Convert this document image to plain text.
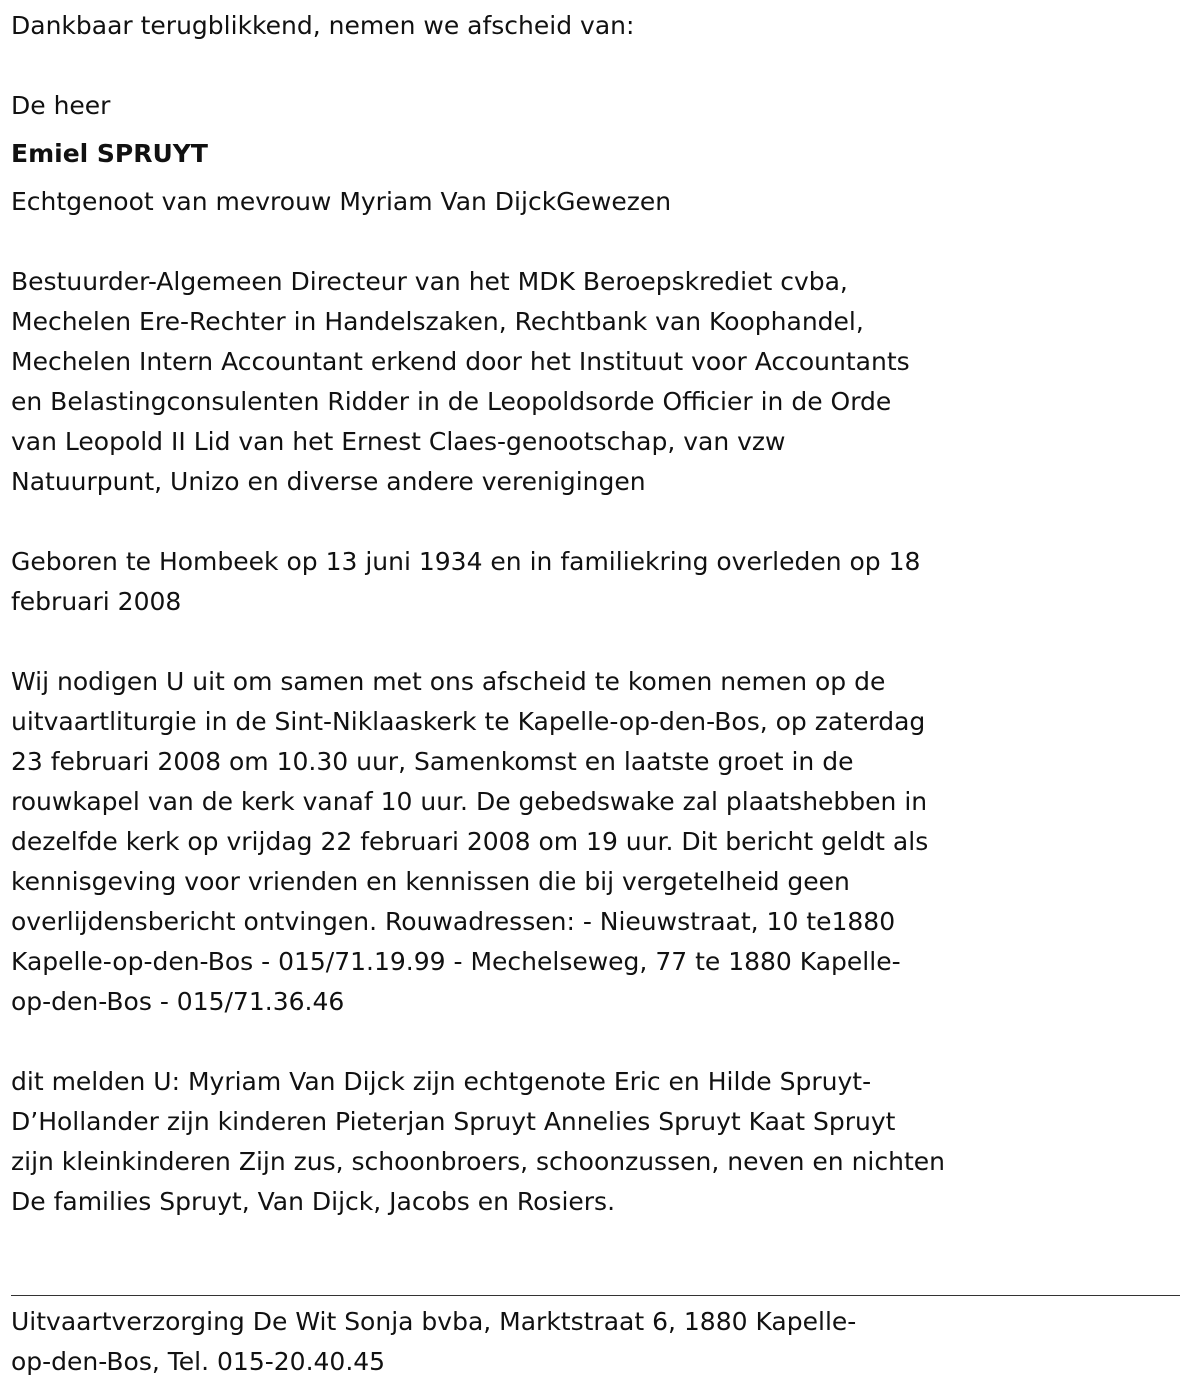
Dankbaar terugblikkend, nemen we afscheid van:
De heer
Emiel SPRUYT
Echtgenoot van mevrouw Myriam Van DijckGewezen
Bestuurder-Algemeen Directeur van het MDK Beroepskrediet cvba,
Mechelen Ere-Rechter in Handelszaken, Rechtbank van Koophandel,
Mechelen Intern Accountant erkend door het Instituut voor Accountants
en Belastingconsulenten Ridder in de Leopoldsorde Officier in de Orde
van Leopold II Lid van het Ernest Claes-genootschap, van vzw
Natuurpunt, Unizo en diverse andere verenigingen
Geboren te Hombeek op 13 juni 1934 en in familiekring overleden op 18
februari 2008
Wij nodigen U uit om samen met ons afscheid te komen nemen op de
uitvaartliturgie in de Sint-Niklaaskerk te Kapelle-op-den-Bos, op zaterdag
23 februari 2008 om 10.30 uur, Samenkomst en laatste groet in de
rouwkapel van de kerk vanaf 10 uur. De gebedswake zal plaatshebben in
dezelfde kerk op vrijdag 22 februari 2008 om 19 uur. Dit bericht geldt als
kennisgeving voor vrienden en kennissen die bij vergetelheid geen
overlijdensbericht ontvingen. Rouwadressen: - Nieuwstraat, 10 te1880
Kapelle-op-den-Bos - 015/71.19.99 - Mechelseweg, 77 te 1880 Kapelle-
op-den-Bos - 015/71.36.46
dit melden U: Myriam Van Dijck zijn echtgenote Eric en Hilde Spruyt-
D’Hollander zijn kinderen Pieterjan Spruyt Annelies Spruyt Kaat Spruyt
zijn kleinkinderen Zijn zus, schoonbroers, schoonzussen, neven en nichten
De families Spruyt, Van Dijck, Jacobs en Rosiers.
Uitvaartverzorging De Wit Sonja bvba, Marktstraat 6, 1880 Kapelle-
op-den-Bos, Tel. 015-20.40.45
